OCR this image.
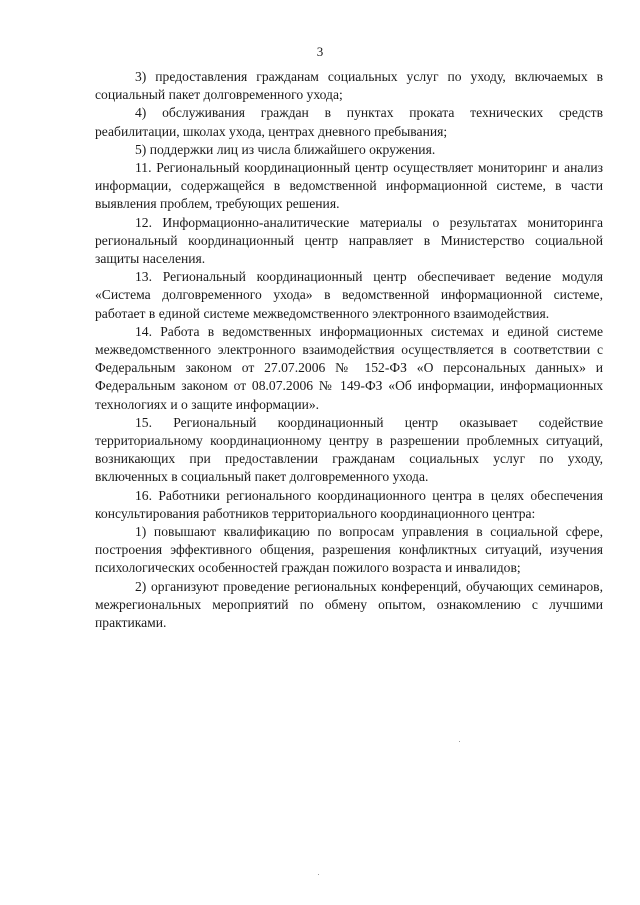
3

3) предоставления гражданам социальных услуг по уходу, включаемых в социальный пакет долговременного ухода;

4) обслуживания граждан в пунктах проката технических средств реабилитации, школах ухода, центрах дневного пребывания;

5) поддержки лиц из числа ближайшего окружения.

11. Региональный координационный центр осуществляет мониторинг и анализ информации, содержащейся в ведомственной информационной системе, в части выявления проблем, требующих решения.

12. Информационно-аналитические материалы о результатах мониторинга региональный координационный центр направляет в Министерство социальной защиты населения.

13. Региональный координационный центр обеспечивает ведение модуля «Система долговременного ухода» в ведомственной информационной системе, работает в единой системе межведомственного электронного взаимодействия.

14. Работа в ведомственных информационных системах и единой системе межведомственного электронного взаимодействия осуществляется в соответствии с Федеральным законом от 27.07.2006 № 152-ФЗ «О персональных данных» и Федеральным законом от 08.07.2006 № 149-ФЗ «Об информации, информационных технологиях и о защите информации».

15. Региональный координационный центр оказывает содействие территориальному координационному центру в разрешении проблемных ситуаций, возникающих при предоставлении гражданам социальных услуг по уходу, включенных в социальный пакет долговременного ухода.

16. Работники регионального координационного центра в целях обеспечения консультирования работников территориального координационного центра:

1) повышают квалификацию по вопросам управления в социальной сфере, построения эффективного общения, разрешения конфликтных ситуаций, изучения психологических особенностей граждан пожилого возраста и инвалидов;

2) организуют проведение региональных конференций, обучающих семинаров, межрегиональных мероприятий по обмену опытом, ознакомлению с лучшими практиками.
